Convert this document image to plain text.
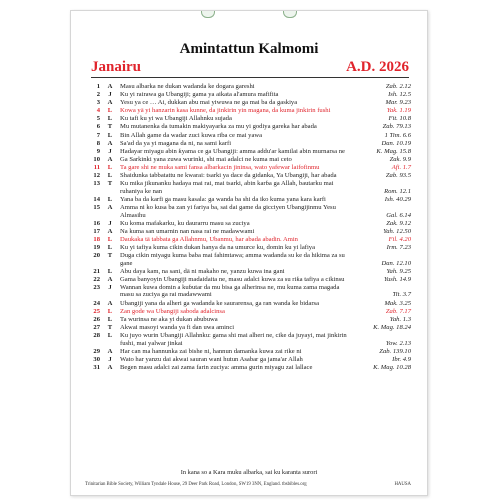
Amintattun Kalmomi
Janairu	A.D. 2026
1	A	Masu albarka ne dukan wadanda ke dogara gareshi	Zab. 2.12
2	J	Ku yi rairawa ga Ubangiji; gama ya aikata al'amura mafifita	Ish. 12.5
3	A	Yesu ya ce … Ai, dukkan abu mai yiwuwa ne ga mai ba da gaskiya	Mar. 9.23
4	L	Kowa yā yi hanzarin kasa kunne, da jinkirin yin magana, da kuma jinkirin fushi	Yak. 1.19
5	L	Ku tafi ku yi wa Ubangiji Allahnku sujada	Fit. 10.8
6	T	Mu mutanenka da tumakin makiyayarka za mu yi godiya gareka har abada	Zab. 79.13
7	L	Bin Allah game da wadar zuci kuwa riba ce mai yawa	1 Tim. 6.6
8	A	Sa'ad da ya yi magana da ni, na sami karfi	Dan. 10.19
9	J	Hadayar miyagu abin ƙyama ce ga Ubangiji: amma addu'ar kamilai abin murnarsa ne	K. Mag. 15.8
10	A	Ga Sarkinki yana zuwa wurinki, shi mai adalci ne kuma mai ceto	Zak. 9.9
11	L	Ta gare shi ne muka sami fansa albarkacin jininsa, wato yafewar laifofinmu	Afi. 1.7
12	L	Shaidunka tabbatattu ne kwarai: tsarki ya dace da gidanka, Ya Ubangiji, har abada	Zab. 93.5
13	T	Ku mika jikunanku hadaya mai rai, mai tsarki, abin karɓa ga Allah, bautarku mai ruhaniya ke nan	Rom. 12.1
14	L	Yana ba da karfi ga masu kasala: ga wanda ba shi da iko kuma yana kara karfi	Ish. 40.29
15	A	Amma ni ko kusa ba zan yi fariya ba, sai dai game da gicciyen Ubangijinmu Yesu Almasihu	Gal. 6.14
16	J	Ku koma mafakarku, ku daurarru masu sa zuciya	Zak. 9.12
17	A	Na kuma san umarnin nan nasa rai ne madawwami	Yah. 12.50
18	L	Daukaka tā tabbata ga Allahnmu, Ubanmu, har abada abadin. Amin	Fil. 4.20
19	L	Ku yi tafiya kuma cikin dukan hanya da na umurce ku, domin ku yi lafiya	Irm. 7.23
20	T	Duga cikin miyagu kuma baba mai fahimtawa; amma wadanda su ke da hikima za su gane	Dan. 12.10
21	L	Abu daya kam, na sani, dā ni makaho ne, yanzu kuwa ina gani	Yah. 9.25
22	A	Gama banyoyin Ubangiji madaidaita ne, masu adalci kuwa za su riƙa tafiya a cikinsu	Yush. 14.9
23	J	Wannan kuwa domin a kuɓutar da mu bisa ga alherinsa ne, mu kuma zama magada masu sa zuciya ga rai madawwami	Tit. 3.7
24	A	Ubangiji yana da alheri ga wadanda ke saurarensa, ga ran wanda ke bidarsa	Mak. 3.25
25	L	Zan gode wa Ubangiji saboda adalcinsa	Zab. 7.17
26	L	Ta wurinsa ne aka yi dukan abubuwa	Yah. 1.3
27	T	Akwai masoyi wanda ya fi dan uwa aminci	K. Mag. 18.24
28	L	Ku juyo wurin Ubangiji Allahnku: gama shi mai alheri ne, cike da juyayi, mai jinkirin fushi, mai yalwar jinkai	Yow. 2.13
29	A	Har can ma hannunka zai bishe ni, hannun damanka kuwa zai rike ni	Zab. 139.10
30	J	Wato har yanzu dai akwai sauran wani hutun Asabar ga jama'ar Allah	Ibr. 4.9
31	A	Begen masu adalci zai zama farin zuciya: amma gurin miyagu zai lallace	K. Mag. 10.28
In kana so a Kara muku albarka, sai ku karanta surori
Trinitarian Bible Society, William Tyndale House, 29 Deer Park Road, London, SW19 3NN, England. tbsbibles.org	HAUSA
